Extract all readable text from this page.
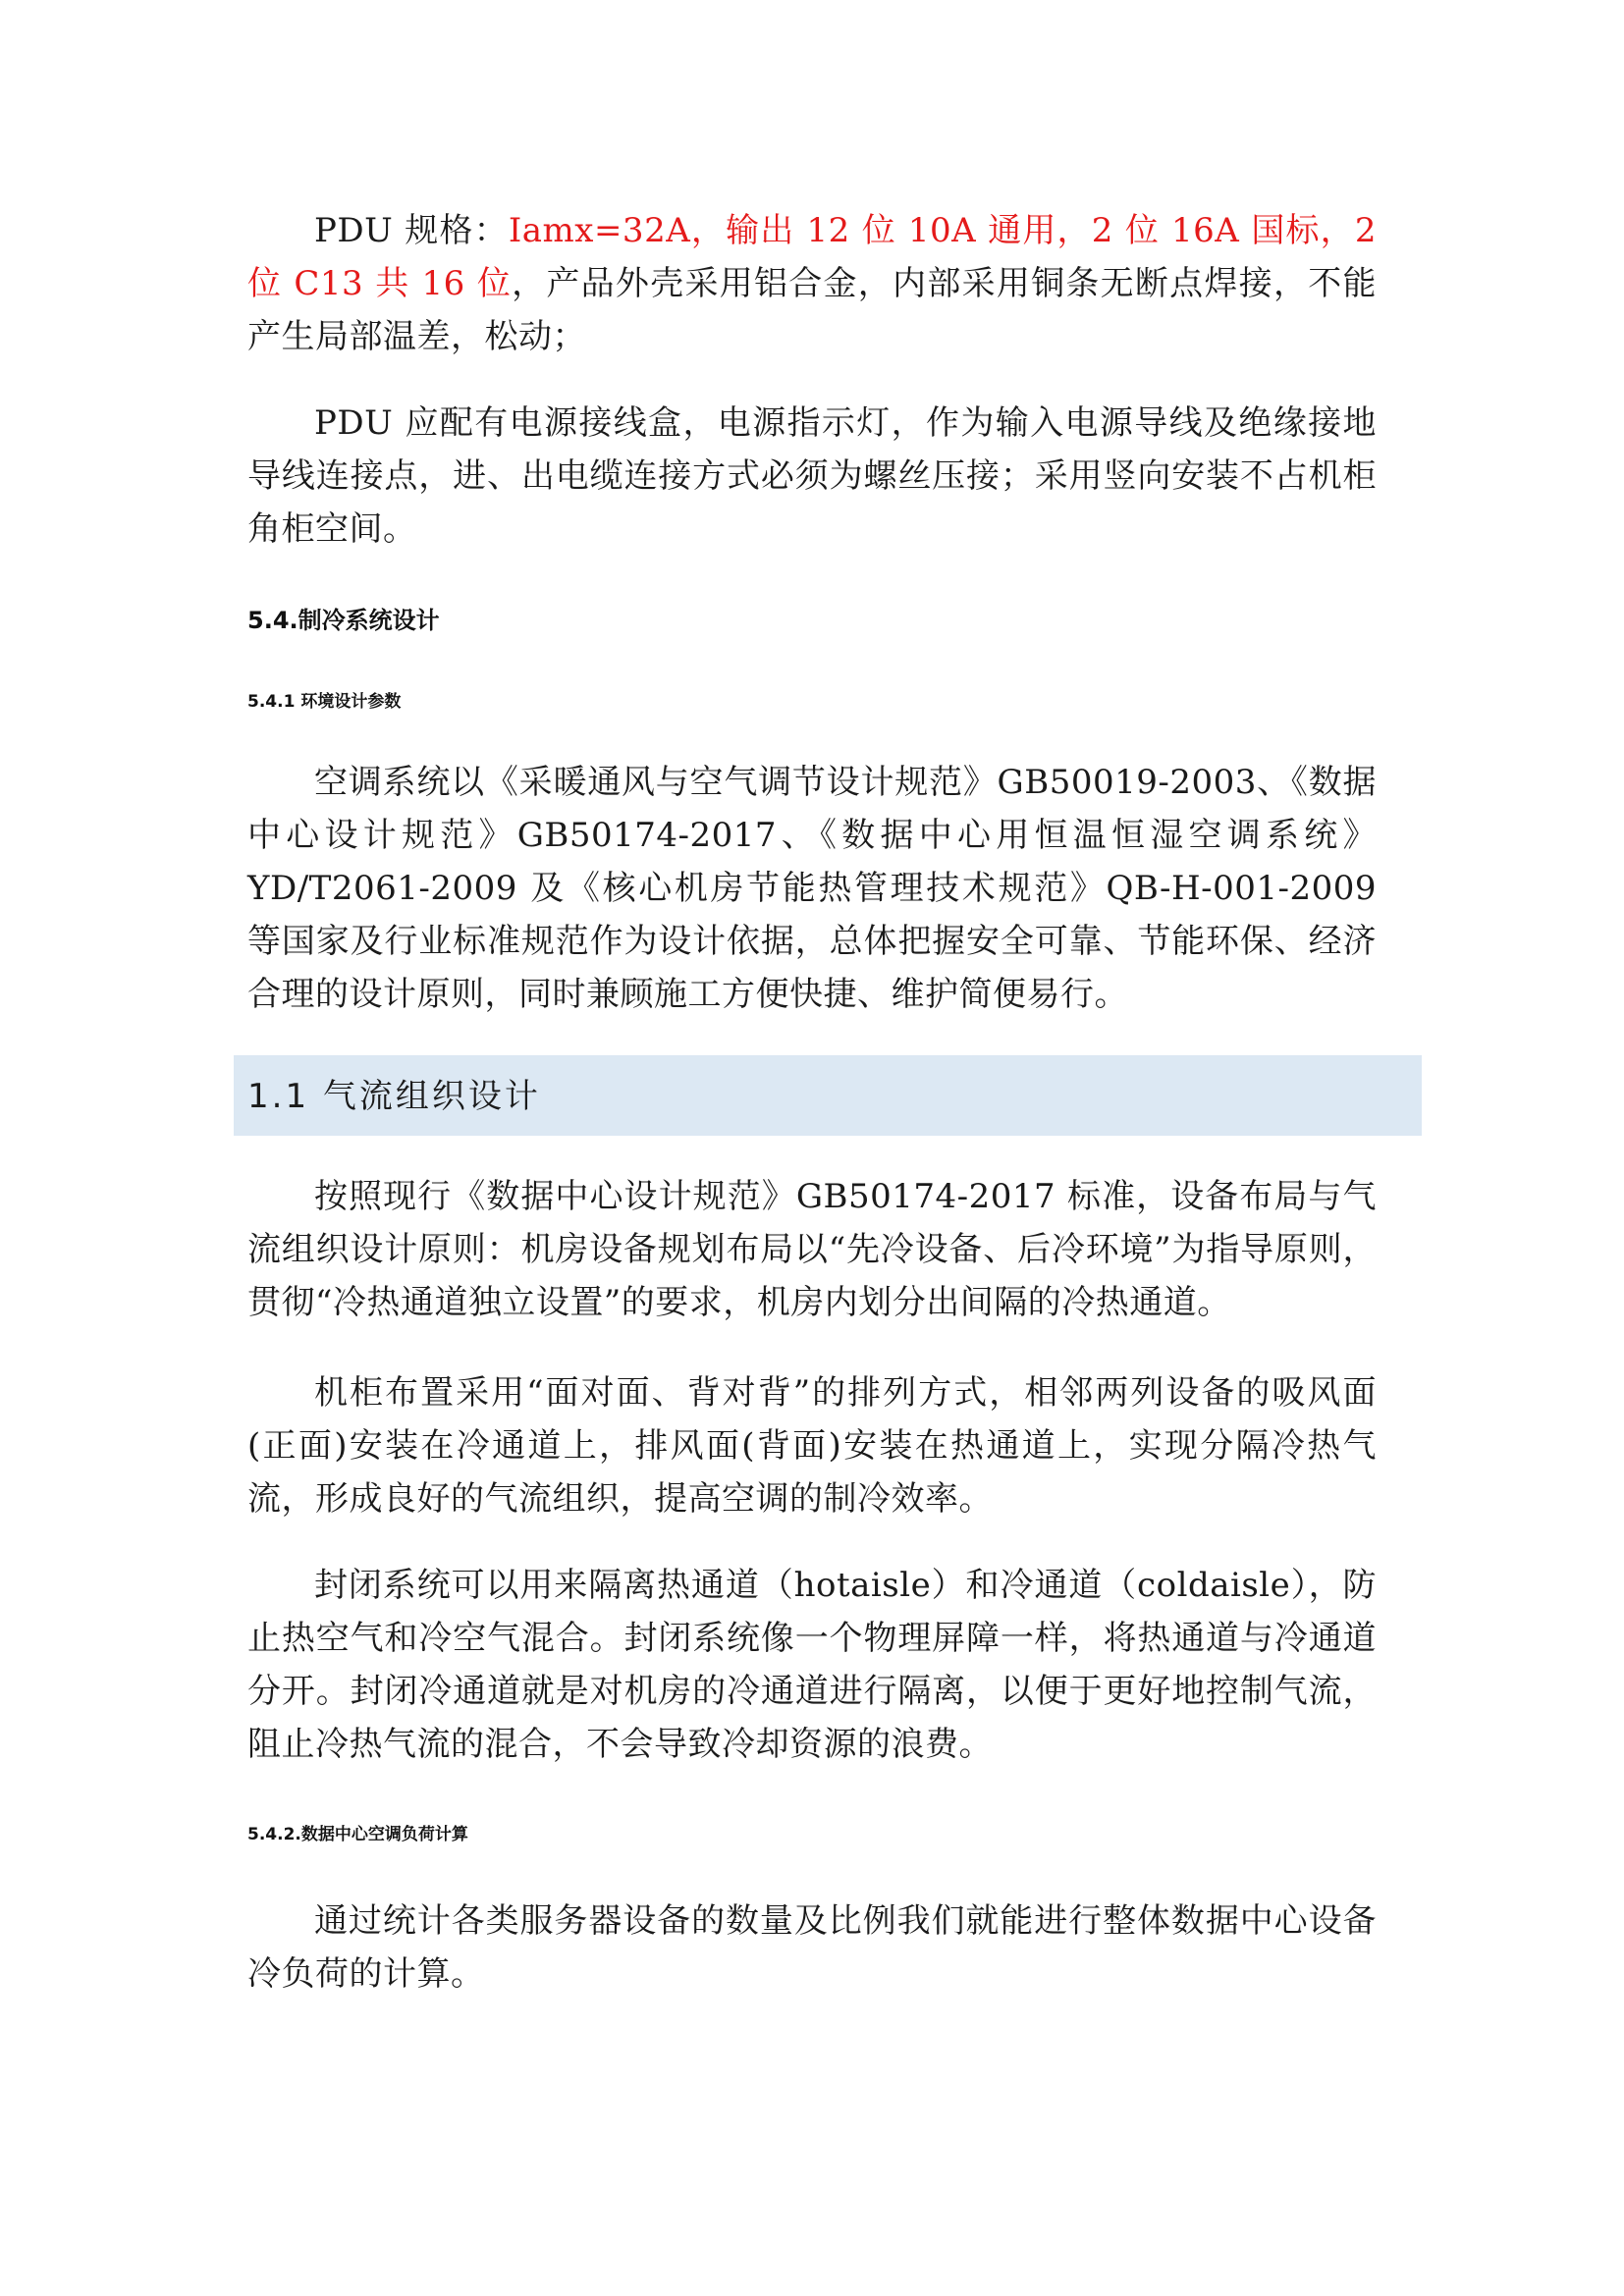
PDU 规格：Iamx=32A，输出 12 位 10A 通用，2 位 16A 国标，2 位 C13 共 16 位，产品外壳采用铝合金，内部采用铜条无断点焊接，不能产生局部温差，松动；

PDU 应配有电源接线盒，电源指示灯，作为输入电源导线及绝缘接地导线连接点，进、出电缆连接方式必须为螺丝压接；采用竖向安装不占机柜角柜空间。

5.4.制冷系统设计
5.4.1 环境设计参数

空调系统以《采暖通风与空气调节设计规范》GB50019-2003、《数据中心设计规范》GB50174-2017、《数据中心用恒温恒湿空调系统》YD/T2061-2009 及《核心机房节能热管理技术规范》QB-H-001-2009 等国家及行业标准规范作为设计依据，总体把握安全可靠、节能环保、经济合理的设计原则，同时兼顾施工方便快捷、维护简便易行。

1.1 气流组织设计

按照现行《数据中心设计规范》GB50174-2017 标准，设备布局与气流组织设计原则：机房设备规划布局以“先冷设备、后冷环境”为指导原则，贯彻“冷热通道独立设置”的要求，机房内划分出间隔的冷热通道。

机柜布置采用“面对面、背对背”的排列方式，相邻两列设备的吸风面(正面)安装在冷通道上，排风面(背面)安装在热通道上，实现分隔冷热气流，形成良好的气流组织，提高空调的制冷效率。

封闭系统可以用来隔离热通道（hotaisle）和冷通道（coldaisle），防止热空气和冷空气混合。封闭系统像一个物理屏障一样，将热通道与冷通道分开。封闭冷通道就是对机房的冷通道进行隔离，以便于更好地控制气流，阻止冷热气流的混合，不会导致冷却资源的浪费。

5.4.2.数据中心空调负荷计算

通过统计各类服务器设备的数量及比例我们就能进行整体数据中心设备冷负荷的计算。
